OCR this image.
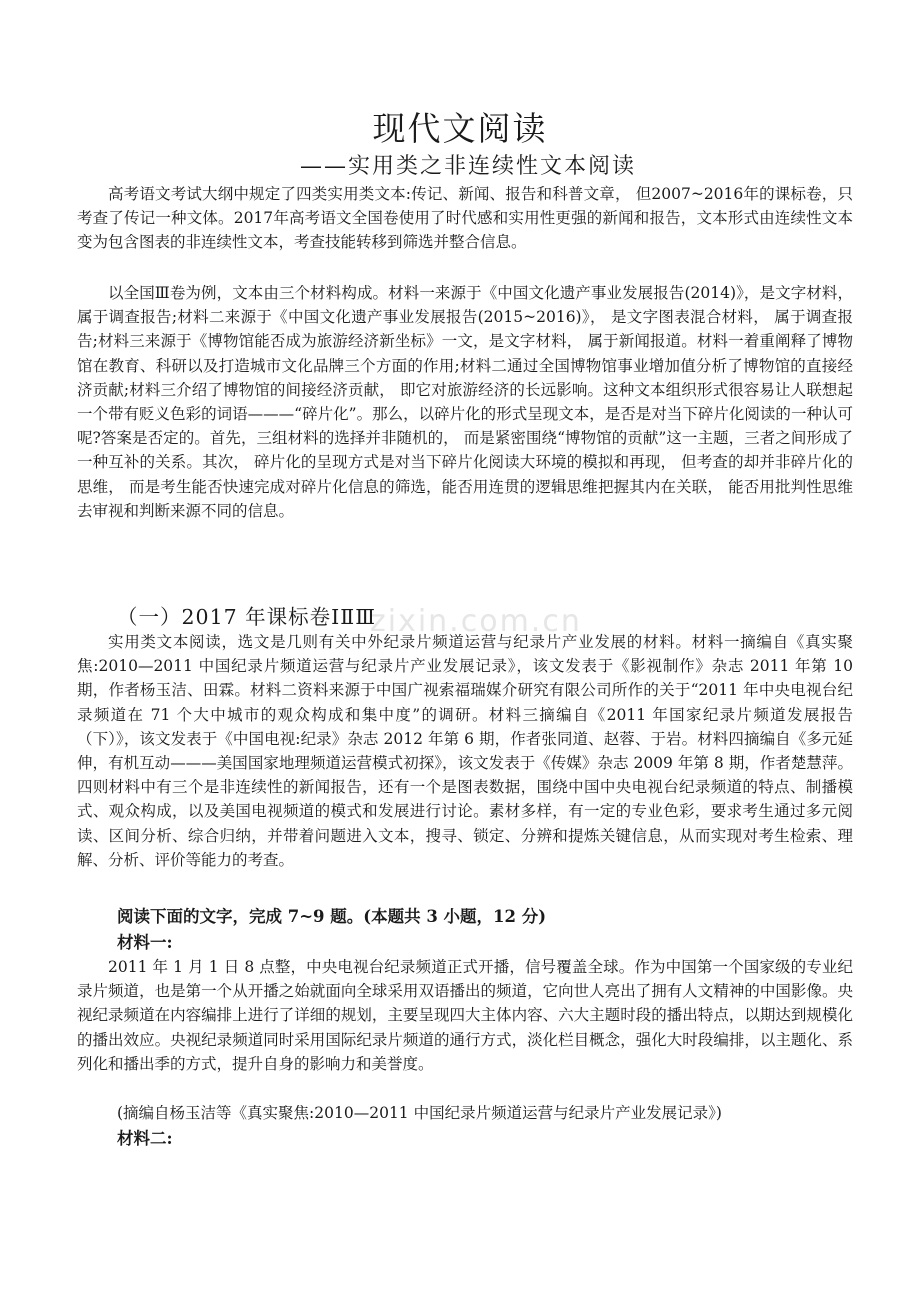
现代文阅读
——实用类之非连续性文本阅读

高考语文考试大纲中规定了四类实用类文本:传记、新闻、报告和科普文章， 但2007~2016年的课标卷，只考查了传记一种文体。2017年高考语文全国卷使用了时代感和实用性更强的新闻和报告，文本形式由连续性文本变为包含图表的非连续性文本，考查技能转移到筛选并整合信息。

以全国Ⅲ卷为例，文本由三个材料构成。材料一来源于《中国文化遗产事业发展报告(2014)》，是文字材料， 属于调查报告;材料二来源于《中国文化遗产事业发展报告(2015~2016)》， 是文字图表混合材料， 属于调查报告;材料三来源于《博物馆能否成为旅游经济新坐标》一文，是文字材料， 属于新闻报道。材料一着重阐释了博物馆在教育、科研以及打造城市文化品牌三个方面的作用;材料二通过全国博物馆事业增加值分析了博物馆的直接经济贡献;材料三介绍了博物馆的间接经济贡献， 即它对旅游经济的长远影响。这种文本组织形式很容易让人联想起一个带有贬义色彩的词语———“碎片化”。那么，以碎片化的形式呈现文本，是否是对当下碎片化阅读的一种认可呢?答案是否定的。首先，三组材料的选择并非随机的， 而是紧密围绕“博物馆的贡献”这一主题，三者之间形成了一种互补的关系。其次， 碎片化的呈现方式是对当下碎片化阅读大环境的模拟和再现， 但考查的却并非碎片化的思维， 而是考生能否快速完成对碎片化信息的筛选，能否用连贯的逻辑思维把握其内在关联， 能否用批判性思维去审视和判断来源不同的信息。

zixin.com.cn
（一）2017 年课标卷ⅠⅡⅢ

实用类文本阅读，选文是几则有关中外纪录片频道运营与纪录片产业发展的材料。材料一摘编自《真实聚焦:2010—2011 中国纪录片频道运营与纪录片产业发展记录》，该文发表于《影视制作》杂志 2011 年第 10 期，作者杨玉洁、田霖。材料二资料来源于中国广视索福瑞媒介研究有限公司所作的关于“2011 年中央电视台纪录频道在 71 个大中城市的观众构成和集中度”的调研。材料三摘编自《2011 年国家纪录片频道发展报告（下）》，该文发表于《中国电视:纪录》杂志 2012 年第 6 期，作者张同道、赵蓉、于岩。材料四摘编自《多元延伸，有机互动———美国国家地理频道运营模式初探》，该文发表于《传媒》杂志 2009 年第 8 期，作者楚慧萍。四则材料中有三个是非连续性的新闻报告，还有一个是图表数据，围绕中国中央电视台纪录频道的特点、制播模式、观众构成，以及美国电视频道的模式和发展进行讨论。素材多样，有一定的专业色彩，要求考生通过多元阅读、区间分析、综合归纳，并带着问题进入文本，搜寻、锁定、分辨和提炼关键信息，从而实现对考生检索、理解、分析、评价等能力的考查。

阅读下面的文字，完成 7~9 题。(本题共 3 小题，12 分)

材料一:

2011 年 1 月 1 日 8 点整，中央电视台纪录频道正式开播，信号覆盖全球。作为中国第一个国家级的专业纪录片频道，也是第一个从开播之始就面向全球采用双语播出的频道，它向世人亮出了拥有人文精神的中国影像。央视纪录频道在内容编排上进行了详细的规划，主要呈现四大主体内容、六大主题时段的播出特点，以期达到规模化的播出效应。央视纪录频道同时采用国际纪录片频道的通行方式，淡化栏目概念，强化大时段编排，以主题化、系列化和播出季的方式，提升自身的影响力和美誉度。

(摘编自杨玉洁等《真实聚焦:2010—2011 中国纪录片频道运营与纪录片产业发展记录》)

材料二:
